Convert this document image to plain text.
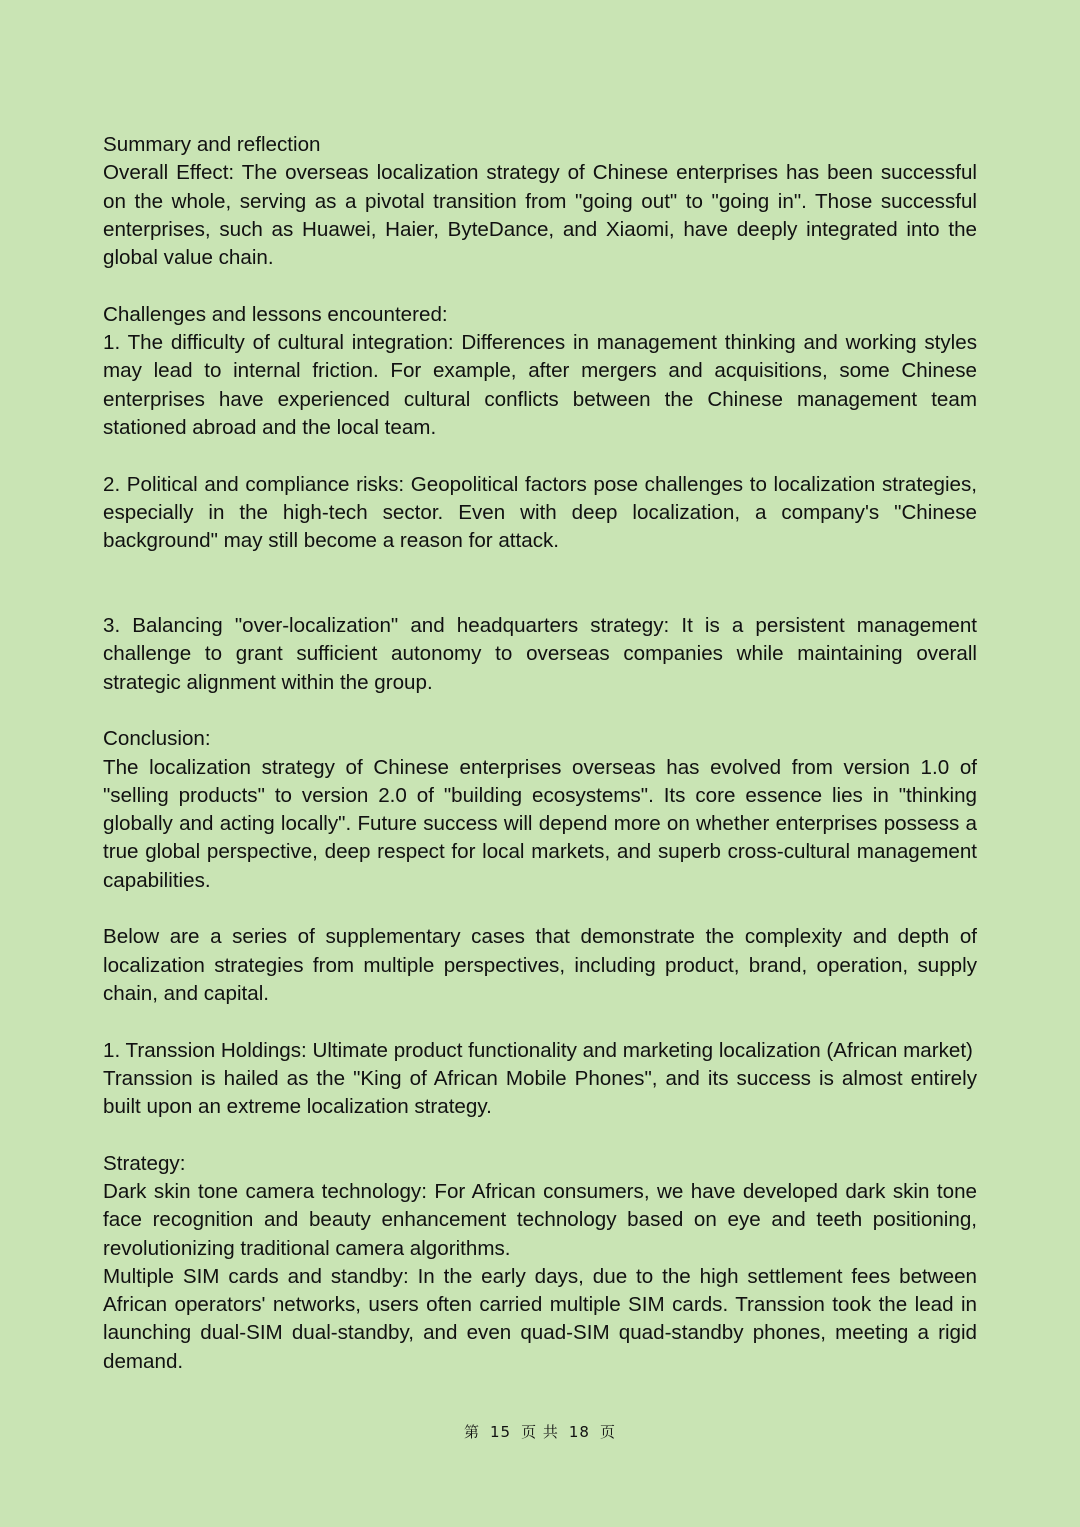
Summary and reflection

Overall Effect: The overseas localization strategy of Chinese enterprises has been successful on the whole, serving as a pivotal transition from "going out" to "going in". Those successful enterprises, such as Huawei, Haier, ByteDance, and Xiaomi, have deeply integrated into the global value chain.

Challenges and lessons encountered:

1. The difficulty of cultural integration: Differences in management thinking and working styles may lead to internal friction. For example, after mergers and acquisitions, some Chinese enterprises have experienced cultural conflicts between the Chinese management team stationed abroad and the local team.

2. Political and compliance risks: Geopolitical factors pose challenges to localization strategies, especially in the high-tech sector. Even with deep localization, a company's "Chinese background" may still become a reason for attack.

3. Balancing "over-localization" and headquarters strategy: It is a persistent management challenge to grant sufficient autonomy to overseas companies while maintaining overall strategic alignment within the group.

Conclusion:

The localization strategy of Chinese enterprises overseas has evolved from version 1.0 of "selling products" to version 2.0 of "building ecosystems". Its core essence lies in "thinking globally and acting locally". Future success will depend more on whether enterprises possess a true global perspective, deep respect for local markets, and superb cross-cultural management capabilities.

Below are a series of supplementary cases that demonstrate the complexity and depth of localization strategies from multiple perspectives, including product, brand, operation, supply chain, and capital.

1. Transsion Holdings: Ultimate product functionality and marketing localization (African market)

Transsion is hailed as the "King of African Mobile Phones", and its success is almost entirely built upon an extreme localization strategy.

Strategy:

Dark skin tone camera technology: For African consumers, we have developed dark skin tone face recognition and beauty enhancement technology based on eye and teeth positioning, revolutionizing traditional camera algorithms.

Multiple SIM cards and standby: In the early days, due to the high settlement fees between African operators' networks, users often carried multiple SIM cards. Transsion took the lead in launching dual-SIM dual-standby, and even quad-SIM quad-standby phones, meeting a rigid demand.

第 15 页 共 18 页
